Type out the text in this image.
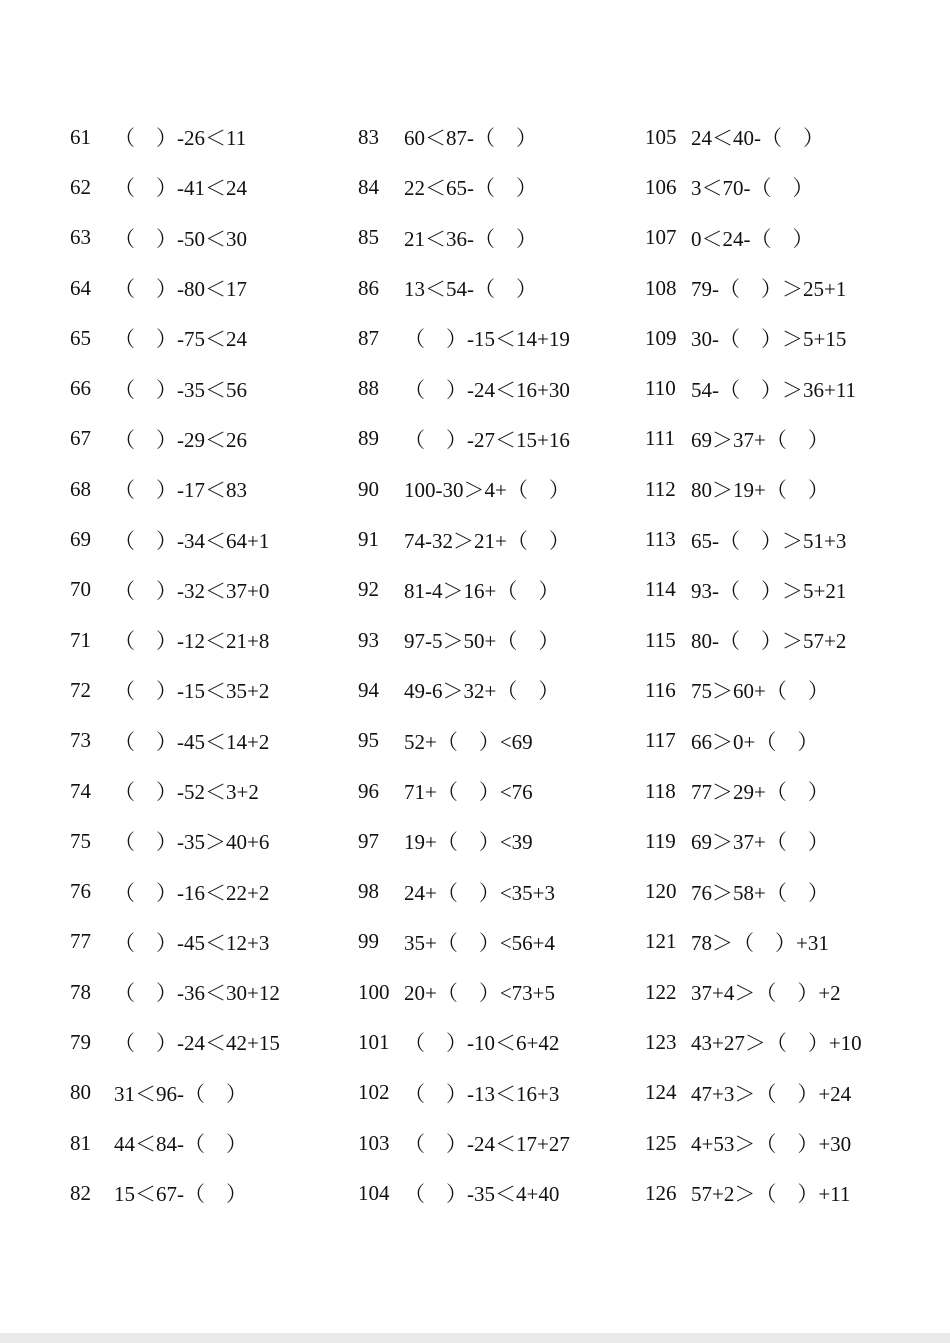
61	（　）-26＜11
62	（　）-41＜24
63	（　）-50＜30
64	（　）-80＜17
65	（　）-75＜24
66	（　）-35＜56
67	（　）-29＜26
68	（　）-17＜83
69	（　）-34＜64+1
70	（　）-32＜37+0
71	（　）-12＜21+8
72	（　）-15＜35+2
73	（　）-45＜14+2
74	（　）-52＜3+2
75	（　）-35＞40+6
76	（　）-16＜22+2
77	（　）-45＜12+3
78	（　）-36＜30+12
79	（　）-24＜42+15
80	31＜96-（　）
81	44＜84-（　）
82	15＜67-（　）
83	60＜87-（　）
84	22＜65-（　）
85	21＜36-（　）
86	13＜54-（　）
87	（　）-15＜14+19
88	（　）-24＜16+30
89	（　）-27＜15+16
90	100-30＞4+（　）
91	74-32＞21+（　）
92	81-4＞16+（　）
93	97-5＞50+（　）
94	49-6＞32+（　）
95	52+（　）<69
96	71+（　）<76
97	19+（　）<39
98	24+（　）<35+3
99	35+（　）<56+4
100 20+（　）<73+5
101 （　）-10＜6+42
102 （　）-13＜16+3
103 （　）-24＜17+27
104 （　）-35＜4+40
105 24＜40-（　）
106 3＜70-（　）
107 0＜24-（　）
108 79-（　）＞25+1
109 30-（　）＞5+15
110 54-（　）＞36+11
111 69＞37+（　）
112 80＞19+（　）
113 65-（　）＞51+3
114 93-（　）＞5+21
115 80-（　）＞57+2
116 75＞60+（　）
117 66＞0+（　）
118 77＞29+（　）
119 69＞37+（　）
120 76＞58+（　）
121 78＞（　）+31
122 37+4＞（　）+2
123 43+27＞（　）+10
124 47+3＞（　）+24
125 4+53＞（　）+30
126 57+2＞（　）+11
